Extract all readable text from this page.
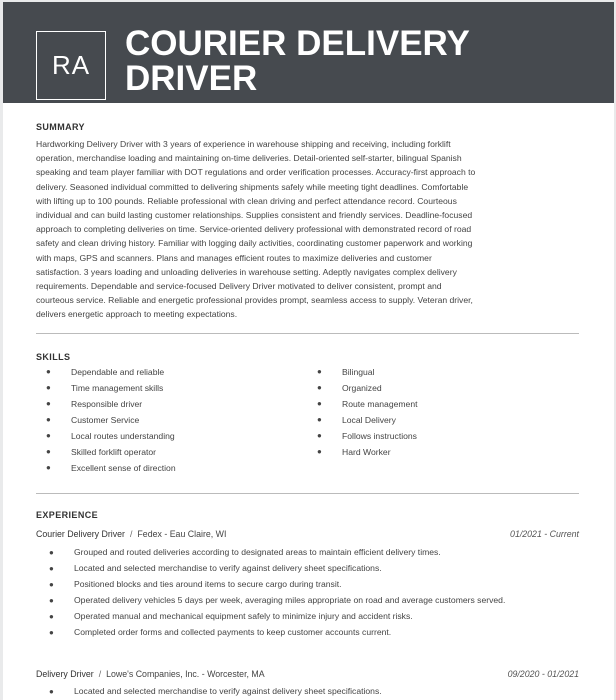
RA
COURIER DELIVERY
DRIVER
SUMMARY
Hardworking Delivery Driver with 3 years of experience in warehouse shipping and receiving, including forklift
operation, merchandise loading and maintaining on-time deliveries. Detail-oriented self-starter, bilingual Spanish
speaking and team player familiar with DOT regulations and order verification processes. Accuracy-first approach to
delivery. Seasoned individual committed to delivering shipments safely while meeting tight deadlines. Comfortable
with lifting up to 100 pounds. Reliable professional with clean driving and perfect attendance record. Courteous
individual and can build lasting customer relationships. Supplies consistent and friendly services. Deadline-focused
approach to completing deliveries on time. Service-oriented delivery professional with demonstrated record of road
safety and clean driving history. Familiar with logging daily activities, coordinating customer paperwork and working
with maps, GPS and scanners. Plans and manages efficient routes to maximize deliveries and customer
satisfaction. 3 years loading and unloading deliveries in warehouse setting. Adeptly navigates complex delivery
requirements. Dependable and service-focused Delivery Driver motivated to deliver consistent, prompt and
courteous service. Reliable and energetic professional provides prompt, seamless access to supply. Veteran driver,
delivers energetic approach to meeting expectations.
SKILLS
● Dependable and reliable
● Time management skills
● Responsible driver
● Customer Service
● Local routes understanding
● Skilled forklift operator
● Excellent sense of direction
● Bilingual
● Organized
● Route management
● Local Delivery
● Follows instructions
● Hard Worker
EXPERIENCE
Courier Delivery Driver / Fedex - Eau Claire, WI	01/2021 - Current
● Grouped and routed deliveries according to designated areas to maintain efficient delivery times.
● Located and selected merchandise to verify against delivery sheet specifications.
● Positioned blocks and ties around items to secure cargo during transit.
● Operated delivery vehicles 5 days per week, averaging miles appropriate on road and average customers served.
● Operated manual and mechanical equipment safely to minimize injury and accident risks.
● Completed order forms and collected payments to keep customer accounts current.
Delivery Driver / Lowe's Companies, Inc. - Worcester, MA	09/2020 - 01/2021
● Located and selected merchandise to verify against delivery sheet specifications.
